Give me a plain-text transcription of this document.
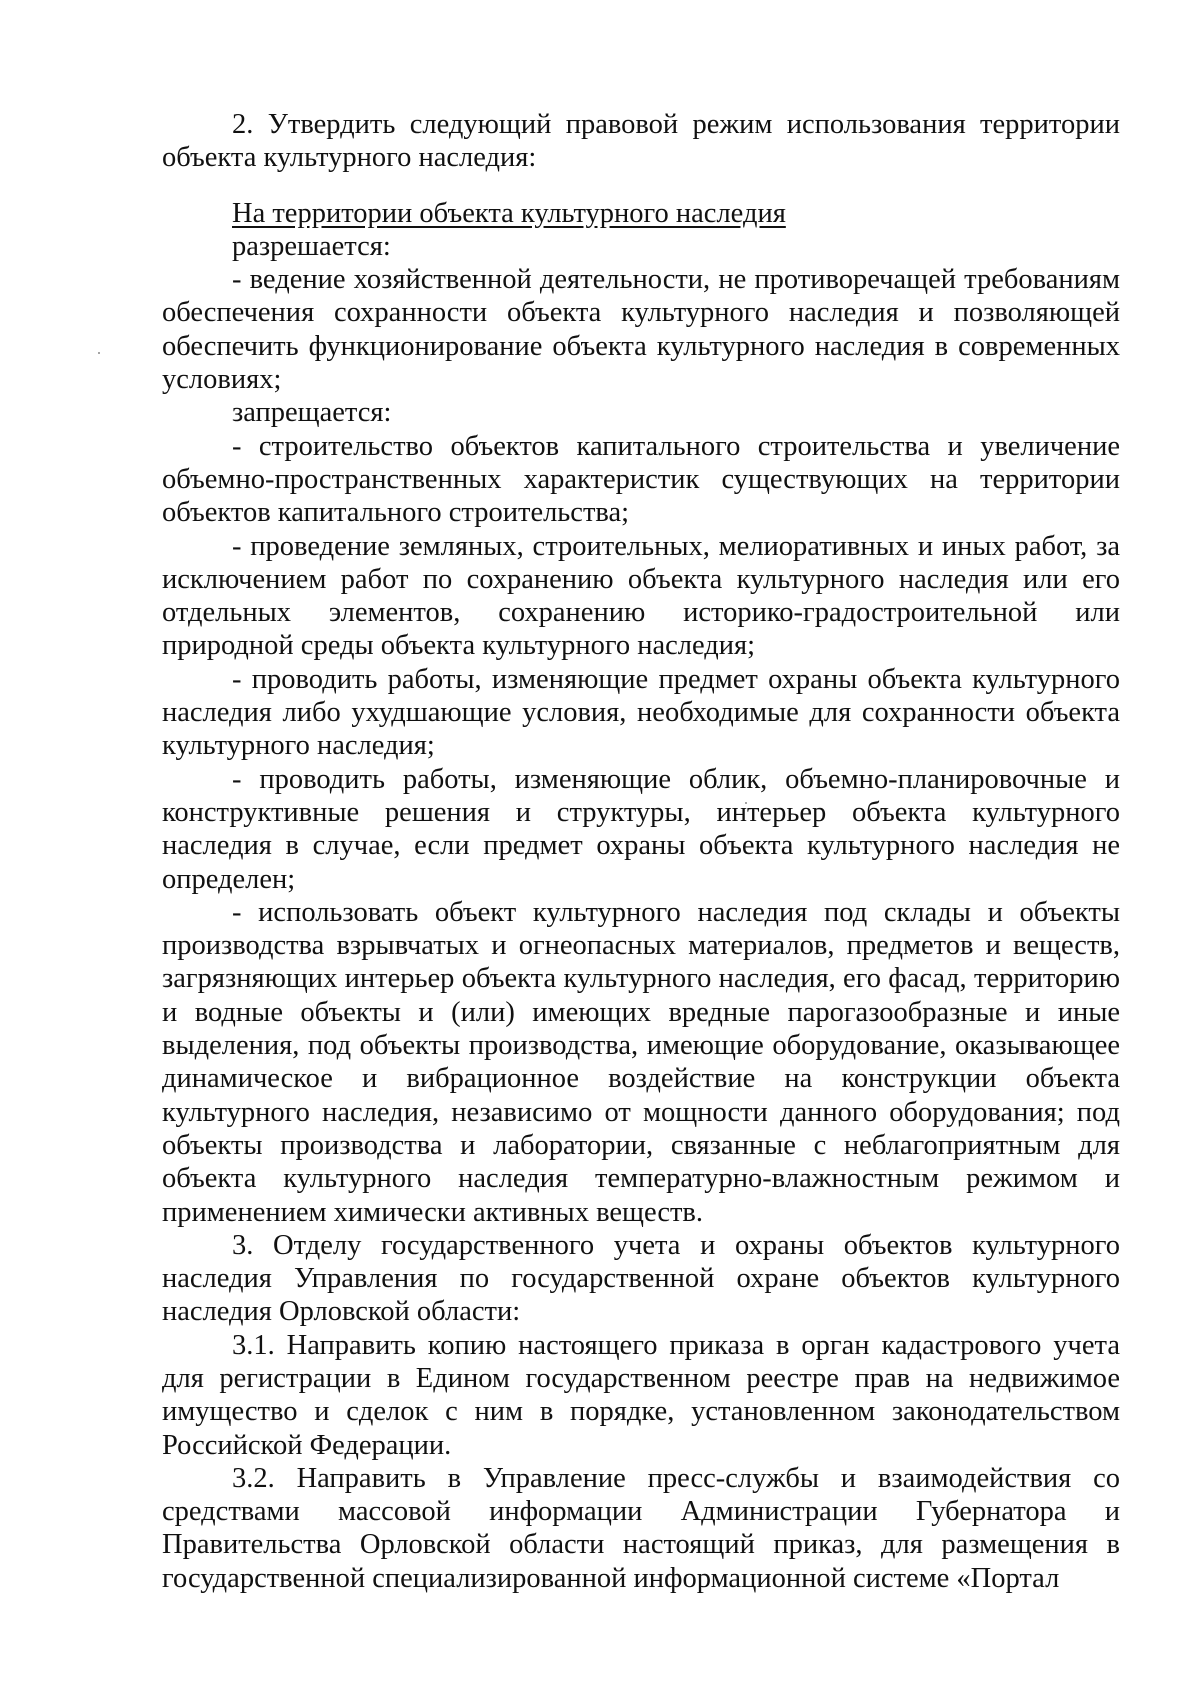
2. Утвердить следующий правовой режим использования территории объекта культурного наследия:

На территории объекта культурного наследия

разрешается:

- ведение хозяйственной деятельности, не противоречащей требованиям обеспечения сохранности объекта культурного наследия и позволяющей обеспечить функционирование объекта культурного наследия в современных условиях;

запрещается:

- строительство объектов капитального строительства и увеличение объемно-пространственных характеристик существующих на территории объектов капитального строительства;

- проведение земляных, строительных, мелиоративных и иных работ, за исключением работ по сохранению объекта культурного наследия или его отдельных элементов, сохранению историко-градостроительной или природной среды объекта культурного наследия;

- проводить работы, изменяющие предмет охраны объекта культурного наследия либо ухудшающие условия, необходимые для сохранности объекта культурного наследия;

- проводить работы, изменяющие облик, объемно-планировочные и конструктивные решения и структуры, интерьер объекта культурного наследия в случае, если предмет охраны объекта культурного наследия не определен;

- использовать объект культурного наследия под склады и объекты производства взрывчатых и огнеопасных материалов, предметов и веществ, загрязняющих интерьер объекта культурного наследия, его фасад, территорию и водные объекты и (или) имеющих вредные парогазообразные и иные выделения, под объекты производства, имеющие оборудование, оказывающее динамическое и вибрационное воздействие на конструкции объекта культурного наследия, независимо от мощности данного оборудования; под объекты производства и лаборатории, связанные с неблагоприятным для объекта культурного наследия температурно-влажностным режимом и применением химически активных веществ.

3. Отделу государственного учета и охраны объектов культурного наследия Управления по государственной охране объектов культурного наследия Орловской области:

3.1. Направить копию настоящего приказа в орган кадастрового учета для регистрации в Едином государственном реестре прав на недвижимое имущество и сделок с ним в порядке, установленном законодательством Российской Федерации.

3.2. Направить в Управление пресс-службы и взаимодействия со средствами массовой информации Администрации Губернатора и Правительства Орловской области настоящий приказ, для размещения в государственной специализированной информационной системе «Портал
